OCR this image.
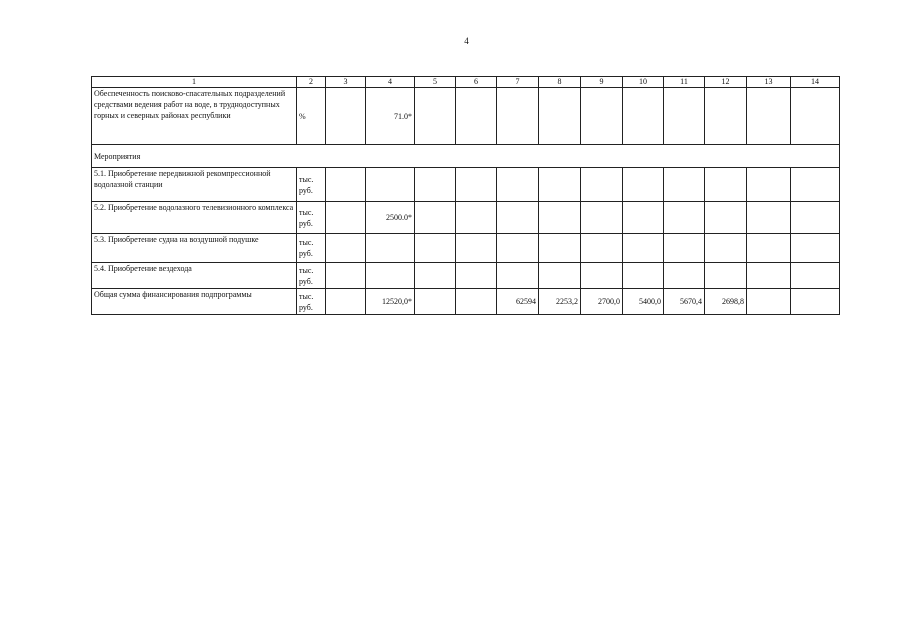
4
1	2	3	4	5	6	7	8	9	10	11	12	13	14
Обеспеченность поисково-спасательных подразделений средствами ведения работ на воде, в труднодоступных горных и северных районах республики	%		71.0*										
Мероприятия													
5.1. Приобретение передвижной рекомпрессионной водолазной станции	тыс. руб.												
5.2. Приобретение водолазного телевизионного комплекса	тыс. руб.		2500.0*										
5.3. Приобретение судна на воздушной подушке	тыс. руб.												
5.4. Приобретение вездехода	тыс. руб.												
Общая сумма финансирования подпрограммы	тыс. руб.		12520,0*			62594	2253,2	2700,0	5400,0	5670,4	2698,8		
